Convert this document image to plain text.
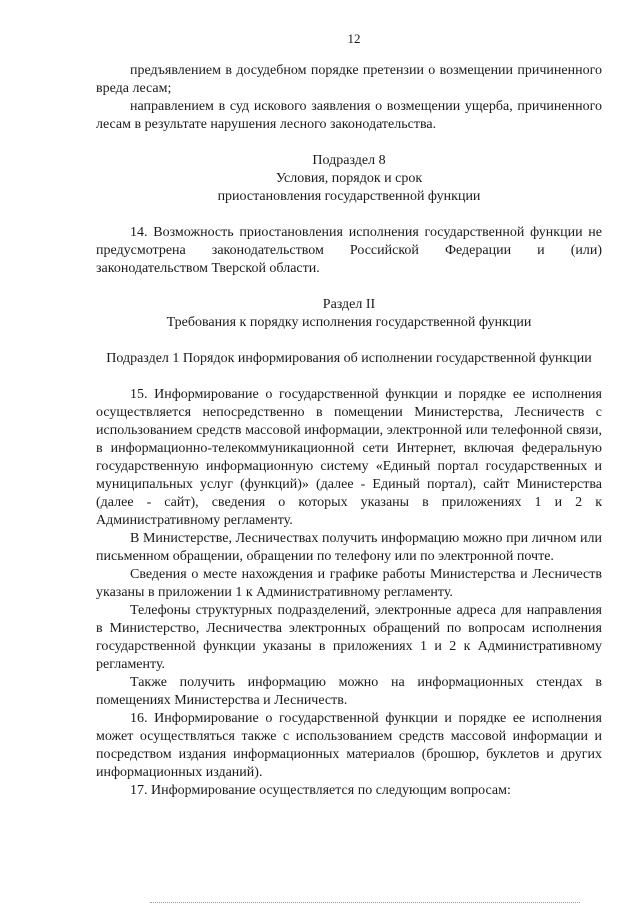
12

предъявлением в досудебном порядке претензии о возмещении причиненного вреда лесам;

направлением в суд искового заявления о возмещении ущерба, причиненного лесам в результате нарушения лесного законодательства.

Подраздел 8

Условия, порядок и срок

приостановления государственной функции

14. Возможность приостановления исполнения государственной функции не предусмотрена законодательством Российской Федерации и (или) законодательством Тверской области.

Раздел II

Требования к порядку исполнения государственной функции

Подраздел 1 Порядок информирования об исполнении государственной функции

15. Информирование о государственной функции и порядке ее исполнения осуществляется непосредственно в помещении Министерства, Лесничеств с использованием средств массовой информации, электронной или телефонной связи, в информационно-телекоммуникационной сети Интернет, включая федеральную государственную информационную систему «Единый портал государственных и муниципальных услуг (функций)» (далее - Единый портал), сайт Министерства (далее - сайт), сведения о которых указаны в приложениях 1 и 2 к Административному регламенту.

В Министерстве, Лесничествах получить информацию можно при личном или письменном обращении, обращении по телефону или по электронной почте.

Сведения о месте нахождения и графике работы Министерства и Лесничеств указаны в приложении 1 к Административному регламенту.

Телефоны структурных подразделений, электронные адреса для направления в Министерство, Лесничества электронных обращений по вопросам исполнения государственной функции указаны в приложениях 1 и 2 к Административному регламенту.

Также получить информацию можно на информационных стендах в помещениях Министерства и Лесничеств.

16. Информирование о государственной функции и порядке ее исполнения может осуществляться также с использованием средств массовой информации и посредством издания информационных материалов (брошюр, буклетов и других информационных изданий).

17. Информирование осуществляется по следующим вопросам:
